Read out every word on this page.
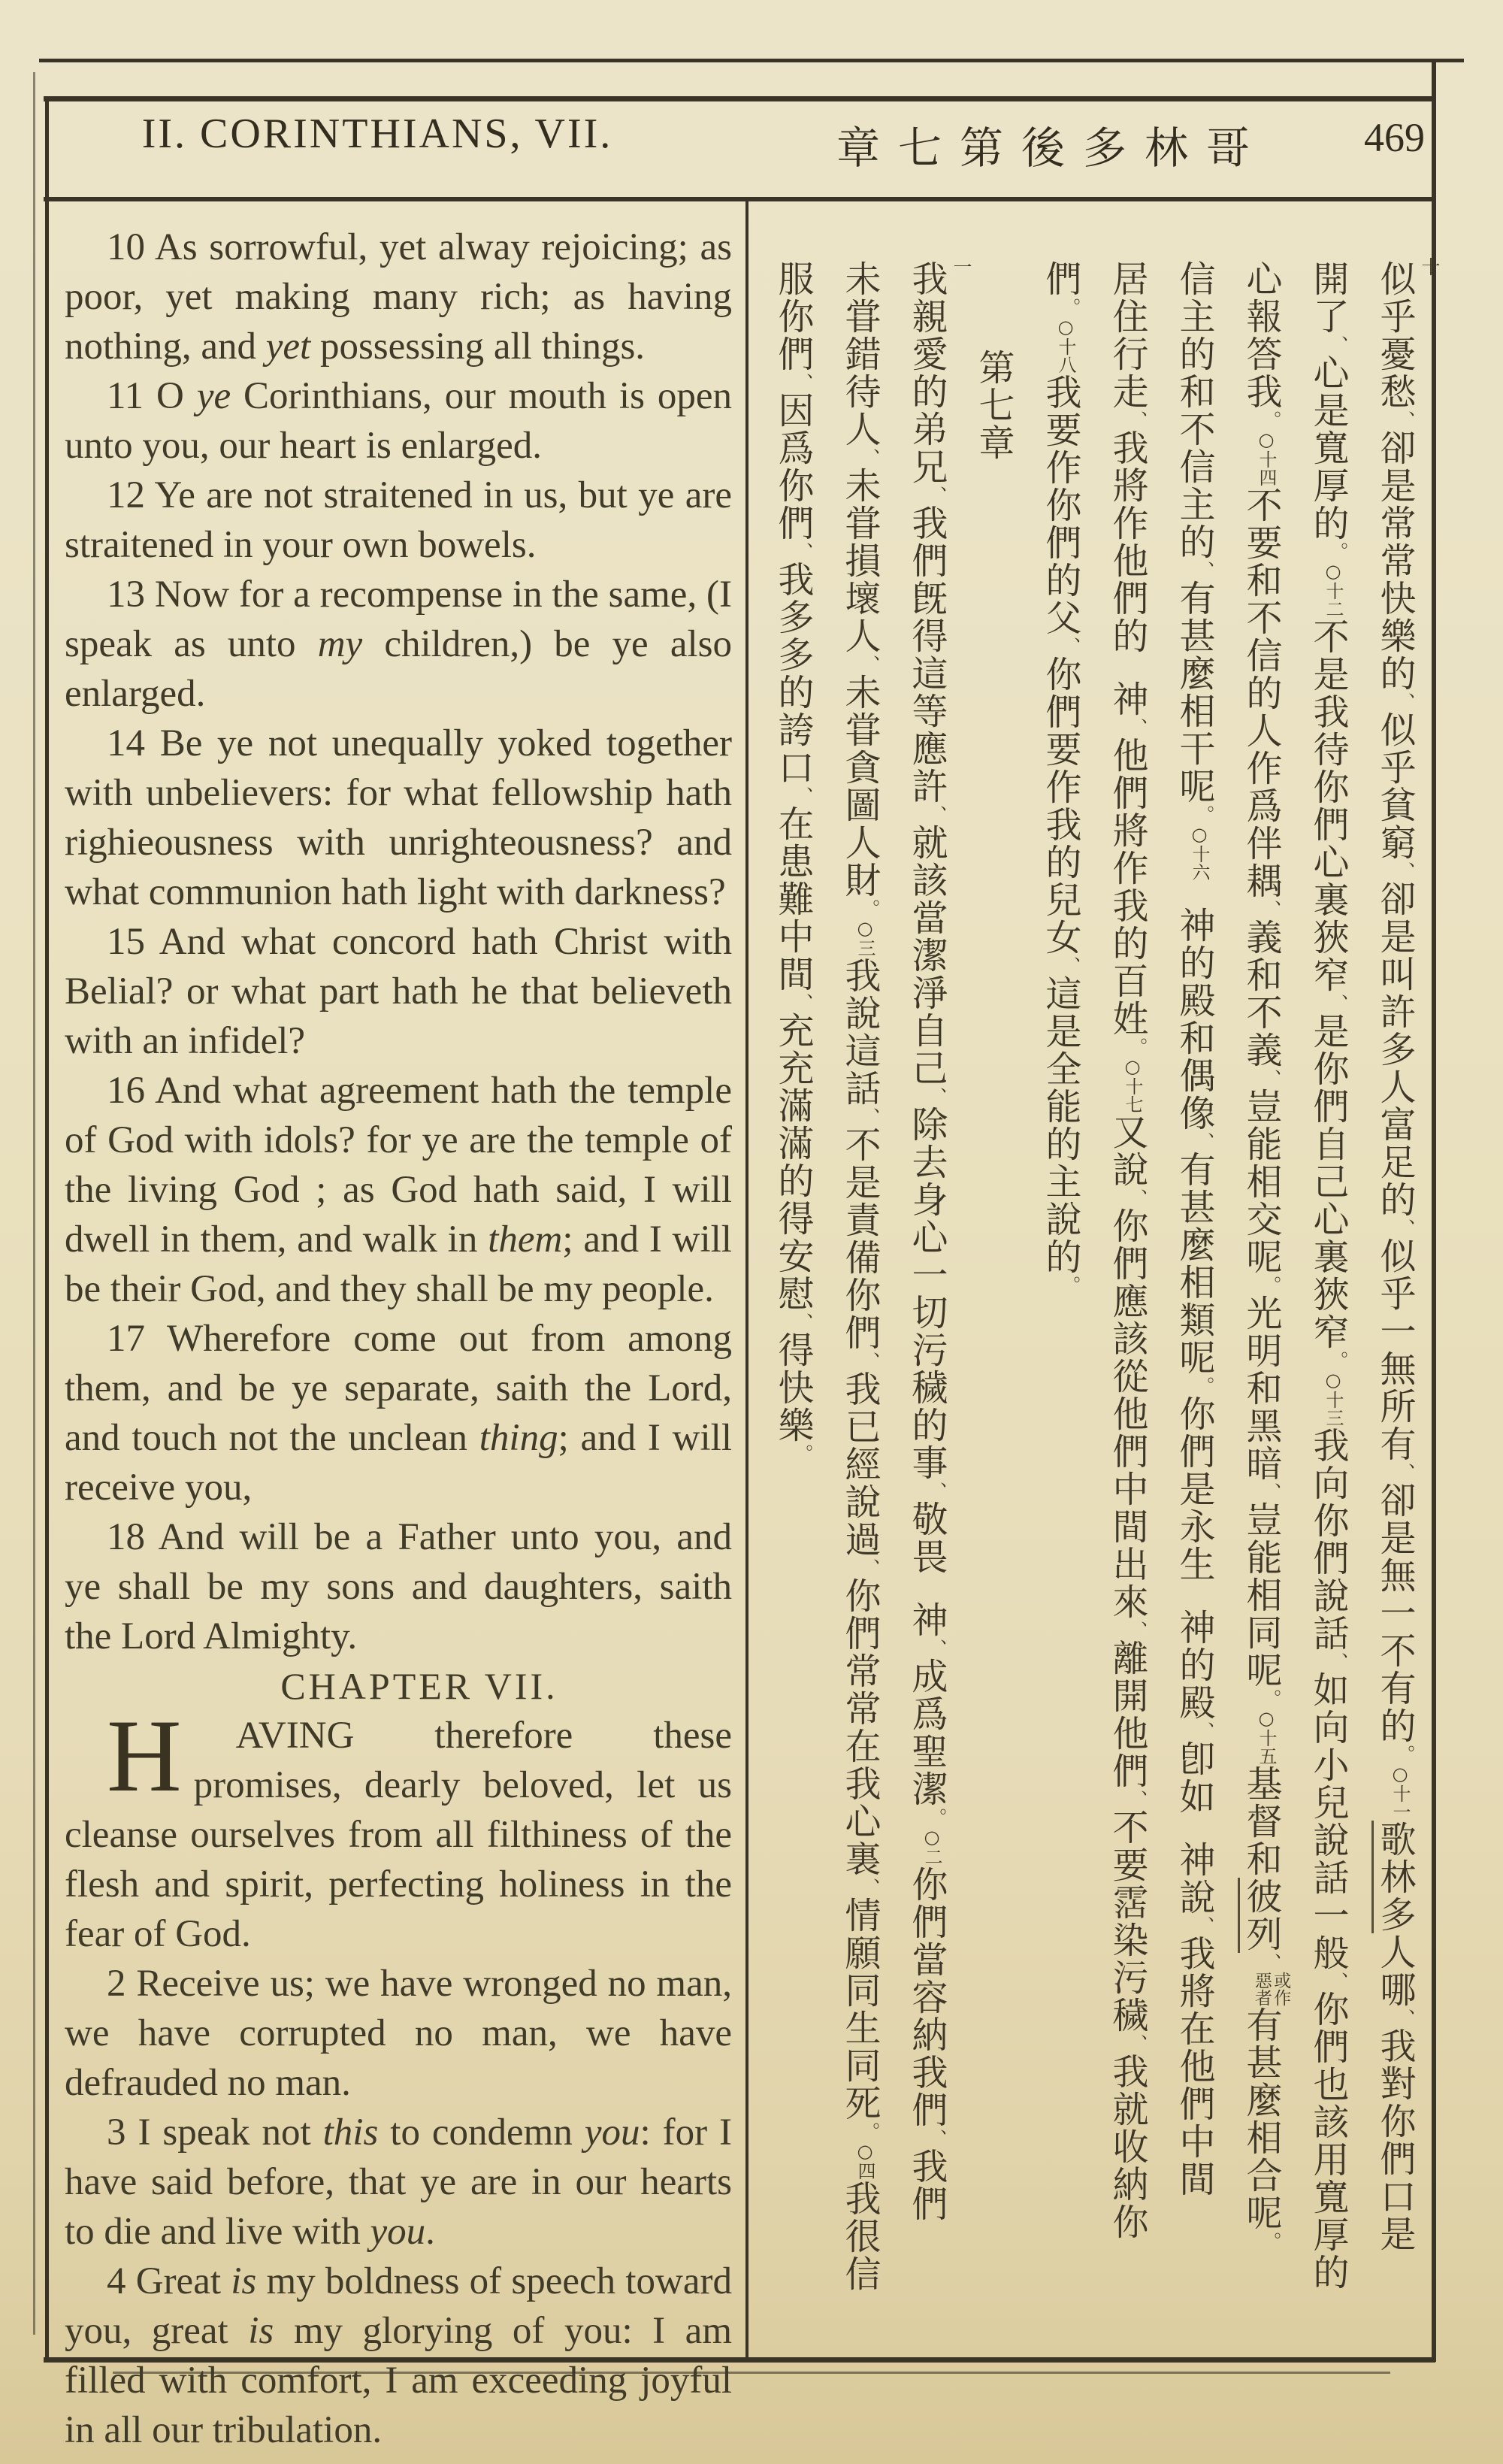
II. CORINTHIANS, VII.	章七第後多林哥	469

10 As sorrowful, yet alway rejoicing; as poor, yet making many rich; as having nothing, and yet possessing all things.

11 O ye Corinthians, our mouth is open unto you, our heart is enlarged.

12 Ye are not straitened in us, but ye are straitened in your own bowels.

13 Now for a recompense in the same, (I speak as unto my children,) be ye also enlarged.

14 Be ye not unequally yoked together with unbelievers: for what fellowship hath righieousness with unrighteousness? and what communion hath light with darkness?

15 And what concord hath Christ with Belial? or what part hath he that believeth with an infidel?

16 And what agreement hath the temple of God with idols? for ye are the temple of the living God ; as God hath said, I will dwell in them, and walk in them; and I will be their God, and they shall be my people.

17 Wherefore come out from among them, and be ye separate, saith the Lord, and touch not the unclean thing; and I will receive you,

18 And will be a Father unto you, and ye shall be my sons and daughters, saith the Lord Almighty.

CHAPTER VII.

H	AVING therefore these promises, dearly beloved, let us cleanse ourselves from all filthiness of the flesh and spirit, perfecting holiness in the fear of God.

2 Receive us; we have wronged no man, we have corrupted no man, we have defrauded no man.

3 I speak not this to condemn you: for I have said before, that ye are in our hearts to die and live with you.

4 Great is my boldness of speech toward you, great is my glorying of you: I am filled with comfort, I am exceeding joyful in all our tribulation.

十
似乎憂愁、卻是常常快樂的、似乎貧窮、卻是叫許多人富足的、似乎一無所有、卻是無一不有的。○十一歌林多人哪、我對你們口是
開了、心是寬厚的。○十二不是我待你們心裏狹窄、是你們自己心裏狹窄。○十三我向你們說話、如向小兒說話一般、你們也該用寬厚的
心報答我。○十四不要和不信的人作爲伴耦、義和不義、豈能相交呢。光明和黑暗、豈能相同呢。○十五基督和彼列、
或作
惡者
有甚麼相合呢。
信主的和不信主的、有甚麼相干呢。○十六神的殿和偶像、有甚麼相類呢。你們是永生神的殿、卽如神說、我將在他們中間
居住行走、我將作他們的神、他們將作我的百姓。○十七又說、你們應該從他們中間出來、離開他們、不要霑染污穢、我就收納你
們。○十八我要作你們的父、你們要作我的兒女、這是全能的主說的。
第七章
一
我親愛的弟兄、我們旣得這等應許、就該當潔淨自己、除去身心一切污穢的事、敬畏神、成爲聖潔。○二你們當容納我們、我們
未甞錯待人、未甞損壞人、未甞貪圖人財。○三我說這話、不是責備你們、我已經說過、你們常常在我心裏、情願同生同死。○四我很信
服你們、因爲你們、我多多的誇口、在患難中間、充充滿滿的得安慰、得快樂。
